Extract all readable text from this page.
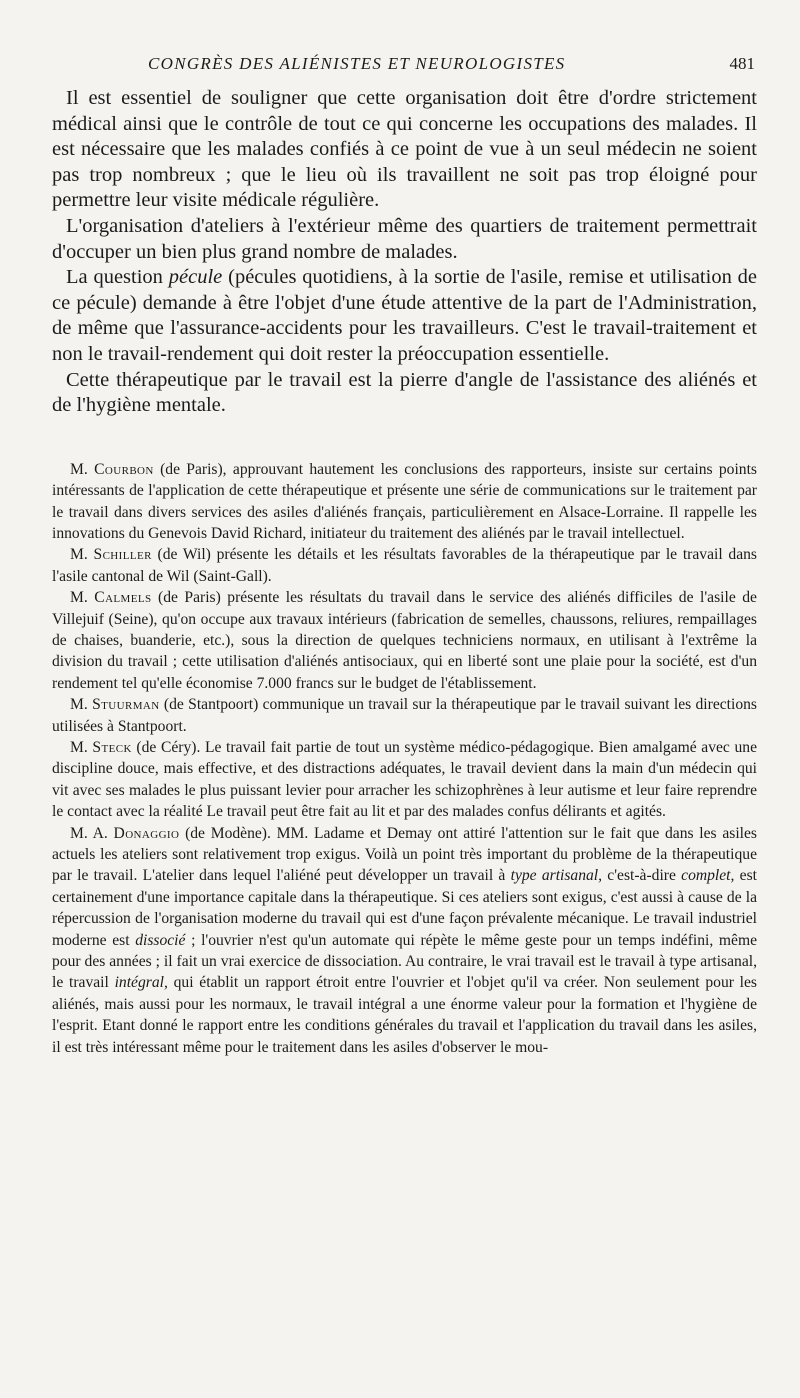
CONGRÈS DES ALIÉNISTES ET NEUROLOGISTES	481

Il est essentiel de souligner que cette organisation doit être d'ordre strictement médical ainsi que le contrôle de tout ce qui concerne les occupations des malades. Il est nécessaire que les malades confiés à ce point de vue à un seul médecin ne soient pas trop nombreux ; que le lieu où ils travaillent ne soit pas trop éloigné pour permettre leur visite médicale régulière.

L'organisation d'ateliers à l'extérieur même des quartiers de traitement permettrait d'occuper un bien plus grand nombre de malades.

La question pécule (pécules quotidiens, à la sortie de l'asile, remise et utilisation de ce pécule) demande à être l'objet d'une étude attentive de la part de l'Administration, de même que l'assurance-accidents pour les travailleurs. C'est le travail-traitement et non le travail-rendement qui doit rester la préoccupation essentielle.

Cette thérapeutique par le travail est la pierre d'angle de l'assistance des aliénés et de l'hygiène mentale.

M. Courbon (de Paris), approuvant hautement les conclusions des rapporteurs, insiste sur certains points intéressants de l'application de cette thérapeutique et présente une série de communications sur le traitement par le travail dans divers services des asiles d'aliénés français, particulièrement en Alsace-Lorraine. Il rappelle les innovations du Genevois David Richard, initiateur du traitement des aliénés par le travail intellectuel.

M. Schiller (de Wil) présente les détails et les résultats favorables de la thérapeutique par le travail dans l'asile cantonal de Wil (Saint-Gall).

M. Calmels (de Paris) présente les résultats du travail dans le service des aliénés difficiles de l'asile de Villejuif (Seine), qu'on occupe aux travaux intérieurs (fabrication de semelles, chaussons, reliures, rempaillages de chaises, buanderie, etc.), sous la direction de quelques techniciens normaux, en utilisant à l'extrême la division du travail ; cette utilisation d'aliénés antisociaux, qui en liberté sont une plaie pour la société, est d'un rendement tel qu'elle économise 7.000 francs sur le budget de l'établissement.

M. Stuurman (de Stantpoort) communique un travail sur la thérapeutique par le travail suivant les directions utilisées à Stantpoort.

M. Steck (de Céry). Le travail fait partie de tout un système médico-pédagogique. Bien amalgamé avec une discipline douce, mais effective, et des distractions adéquates, le travail devient dans la main d'un médecin qui vit avec ses malades le plus puissant levier pour arracher les schizophrènes à leur autisme et leur faire reprendre le contact avec la réalité Le travail peut être fait au lit et par des malades confus délirants et agités.

M. A. Donaggio (de Modène). MM. Ladame et Demay ont attiré l'attention sur le fait que dans les asiles actuels les ateliers sont relativement trop exigus. Voilà un point très important du problème de la thérapeutique par le travail. L'atelier dans lequel l'aliéné peut développer un travail à type artisanal, c'est-à-dire complet, est certainement d'une importance capitale dans la thérapeutique. Si ces ateliers sont exigus, c'est aussi à cause de la répercussion de l'organisation moderne du travail qui est d'une façon prévalente mécanique. Le travail industriel moderne est dissocié ; l'ouvrier n'est qu'un automate qui répète le même geste pour un temps indéfini, même pour des années ; il fait un vrai exercice de dissociation. Au contraire, le vrai travail est le travail à type artisanal, le travail intégral, qui établit un rapport étroit entre l'ouvrier et l'objet qu'il va créer. Non seulement pour les aliénés, mais aussi pour les normaux, le travail intégral a une énorme valeur pour la formation et l'hygiène de l'esprit. Etant donné le rapport entre les conditions générales du travail et l'application du travail dans les asiles, il est très intéressant même pour le traitement dans les asiles d'observer le mou-
